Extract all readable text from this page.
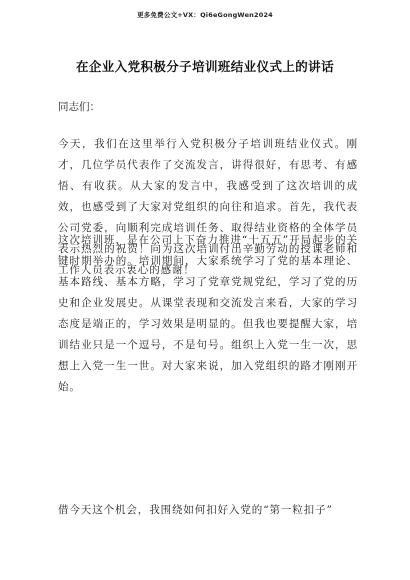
更多免费公文+VX：Qi6eGongWen2024
在企业入党积极分子培训班结业仪式上的讲话
同志们：

今天，我们在这里举行入党积极分子培训班结业仪式。刚才，几位学员代表作了交流发言，讲得很好，有思考、有感悟、有收获。从大家的发言中，我感受到了这次培训的成效，也感受到了大家对党组织的向往和追求。首先，我代表公司党委，向顺利完成培训任务、取得结业资格的全体学员表示热烈的祝贺！向为这次培训付出辛勤劳动的授课老师和工作人员表示衷心的感谢！

这次培训班，是在公司上下奋力推进“十五五”开局起步的关键时期举办的。培训期间，大家系统学习了党的基本理论、基本路线、基本方略，学习了党章党规党纪，学习了党的历史和企业发展史。从课堂表现和交流发言来看，大家的学习态度是端正的，学习效果是明显的。但我也要提醒大家，培训结业只是一个逗号，不是句号。组织上入党一生一次，思想上入党一生一世。对大家来说，加入党组织的路才刚刚开始。

借今天这个机会，我围绕如何扣好入党的“第一粒扣子”
